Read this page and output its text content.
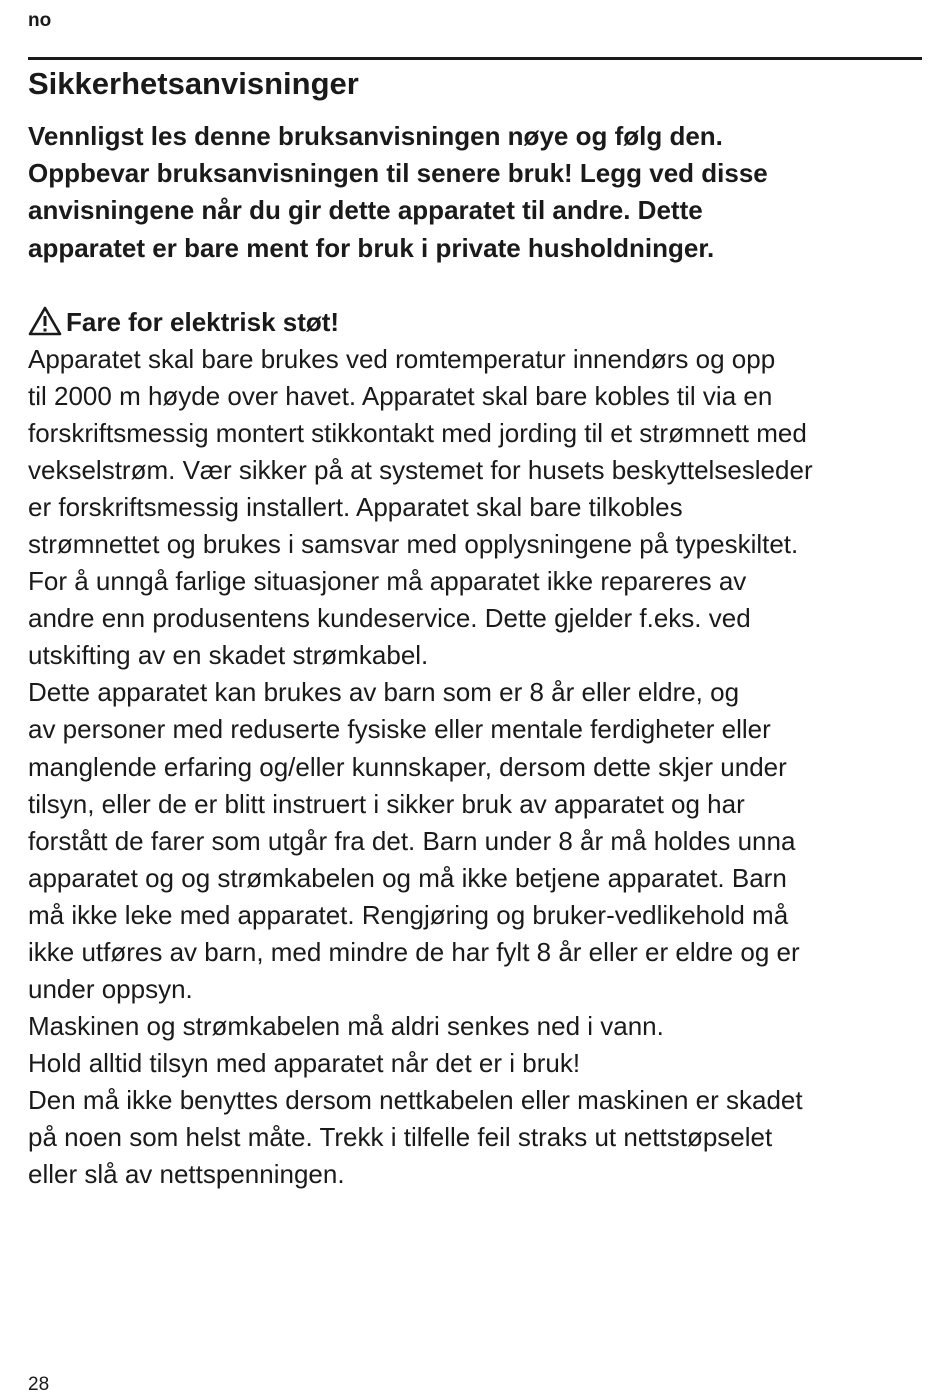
no
Sikkerhetsanvisninger
Vennligst les denne bruksanvisningen nøye og følg den.
Oppbevar bruksanvisningen til senere bruk! Legg ved disse
anvisningene når du gir dette apparatet til andre. Dette
apparatet er bare ment for bruk i private husholdninger.
Fare for elektrisk støt!
Apparatet skal bare brukes ved romtemperatur innendørs og opp
til 2000 m høyde over havet. Apparatet skal bare kobles til via en
forskriftsmessig montert stikkontakt med jording til et strømnett med
vekselstrøm. Vær sikker på at systemet for husets beskyttelsesleder
er forskriftsmessig installert. Apparatet skal bare tilkobles
strømnettet og brukes i samsvar med opplysningene på typeskiltet.
For å unngå farlige situasjoner må apparatet ikke repareres av
andre enn produsentens kundeservice. Dette gjelder f.eks. ved
utskifting av en skadet strømkabel.
Dette apparatet kan brukes av barn som er 8 år eller eldre, og
av personer med reduserte fysiske eller mentale ferdigheter eller
manglende erfaring og/eller kunnskaper, dersom dette skjer under
tilsyn, eller de er blitt instruert i sikker bruk av apparatet og har
forstått de farer som utgår fra det. Barn under 8 år må holdes unna
apparatet og og strømkabelen og må ikke betjene apparatet. Barn
må ikke leke med apparatet. Rengjøring og bruker-vedlikehold må
ikke utføres av barn, med mindre de har fylt 8 år eller er eldre og er
under oppsyn.
Maskinen og strømkabelen må aldri senkes ned i vann.
Hold alltid tilsyn med apparatet når det er i bruk!
Den må ikke benyttes dersom nettkabelen eller maskinen er skadet
på noen som helst måte. Trekk i tilfelle feil straks ut nettstøpselet
eller slå av nettspenningen.
28
